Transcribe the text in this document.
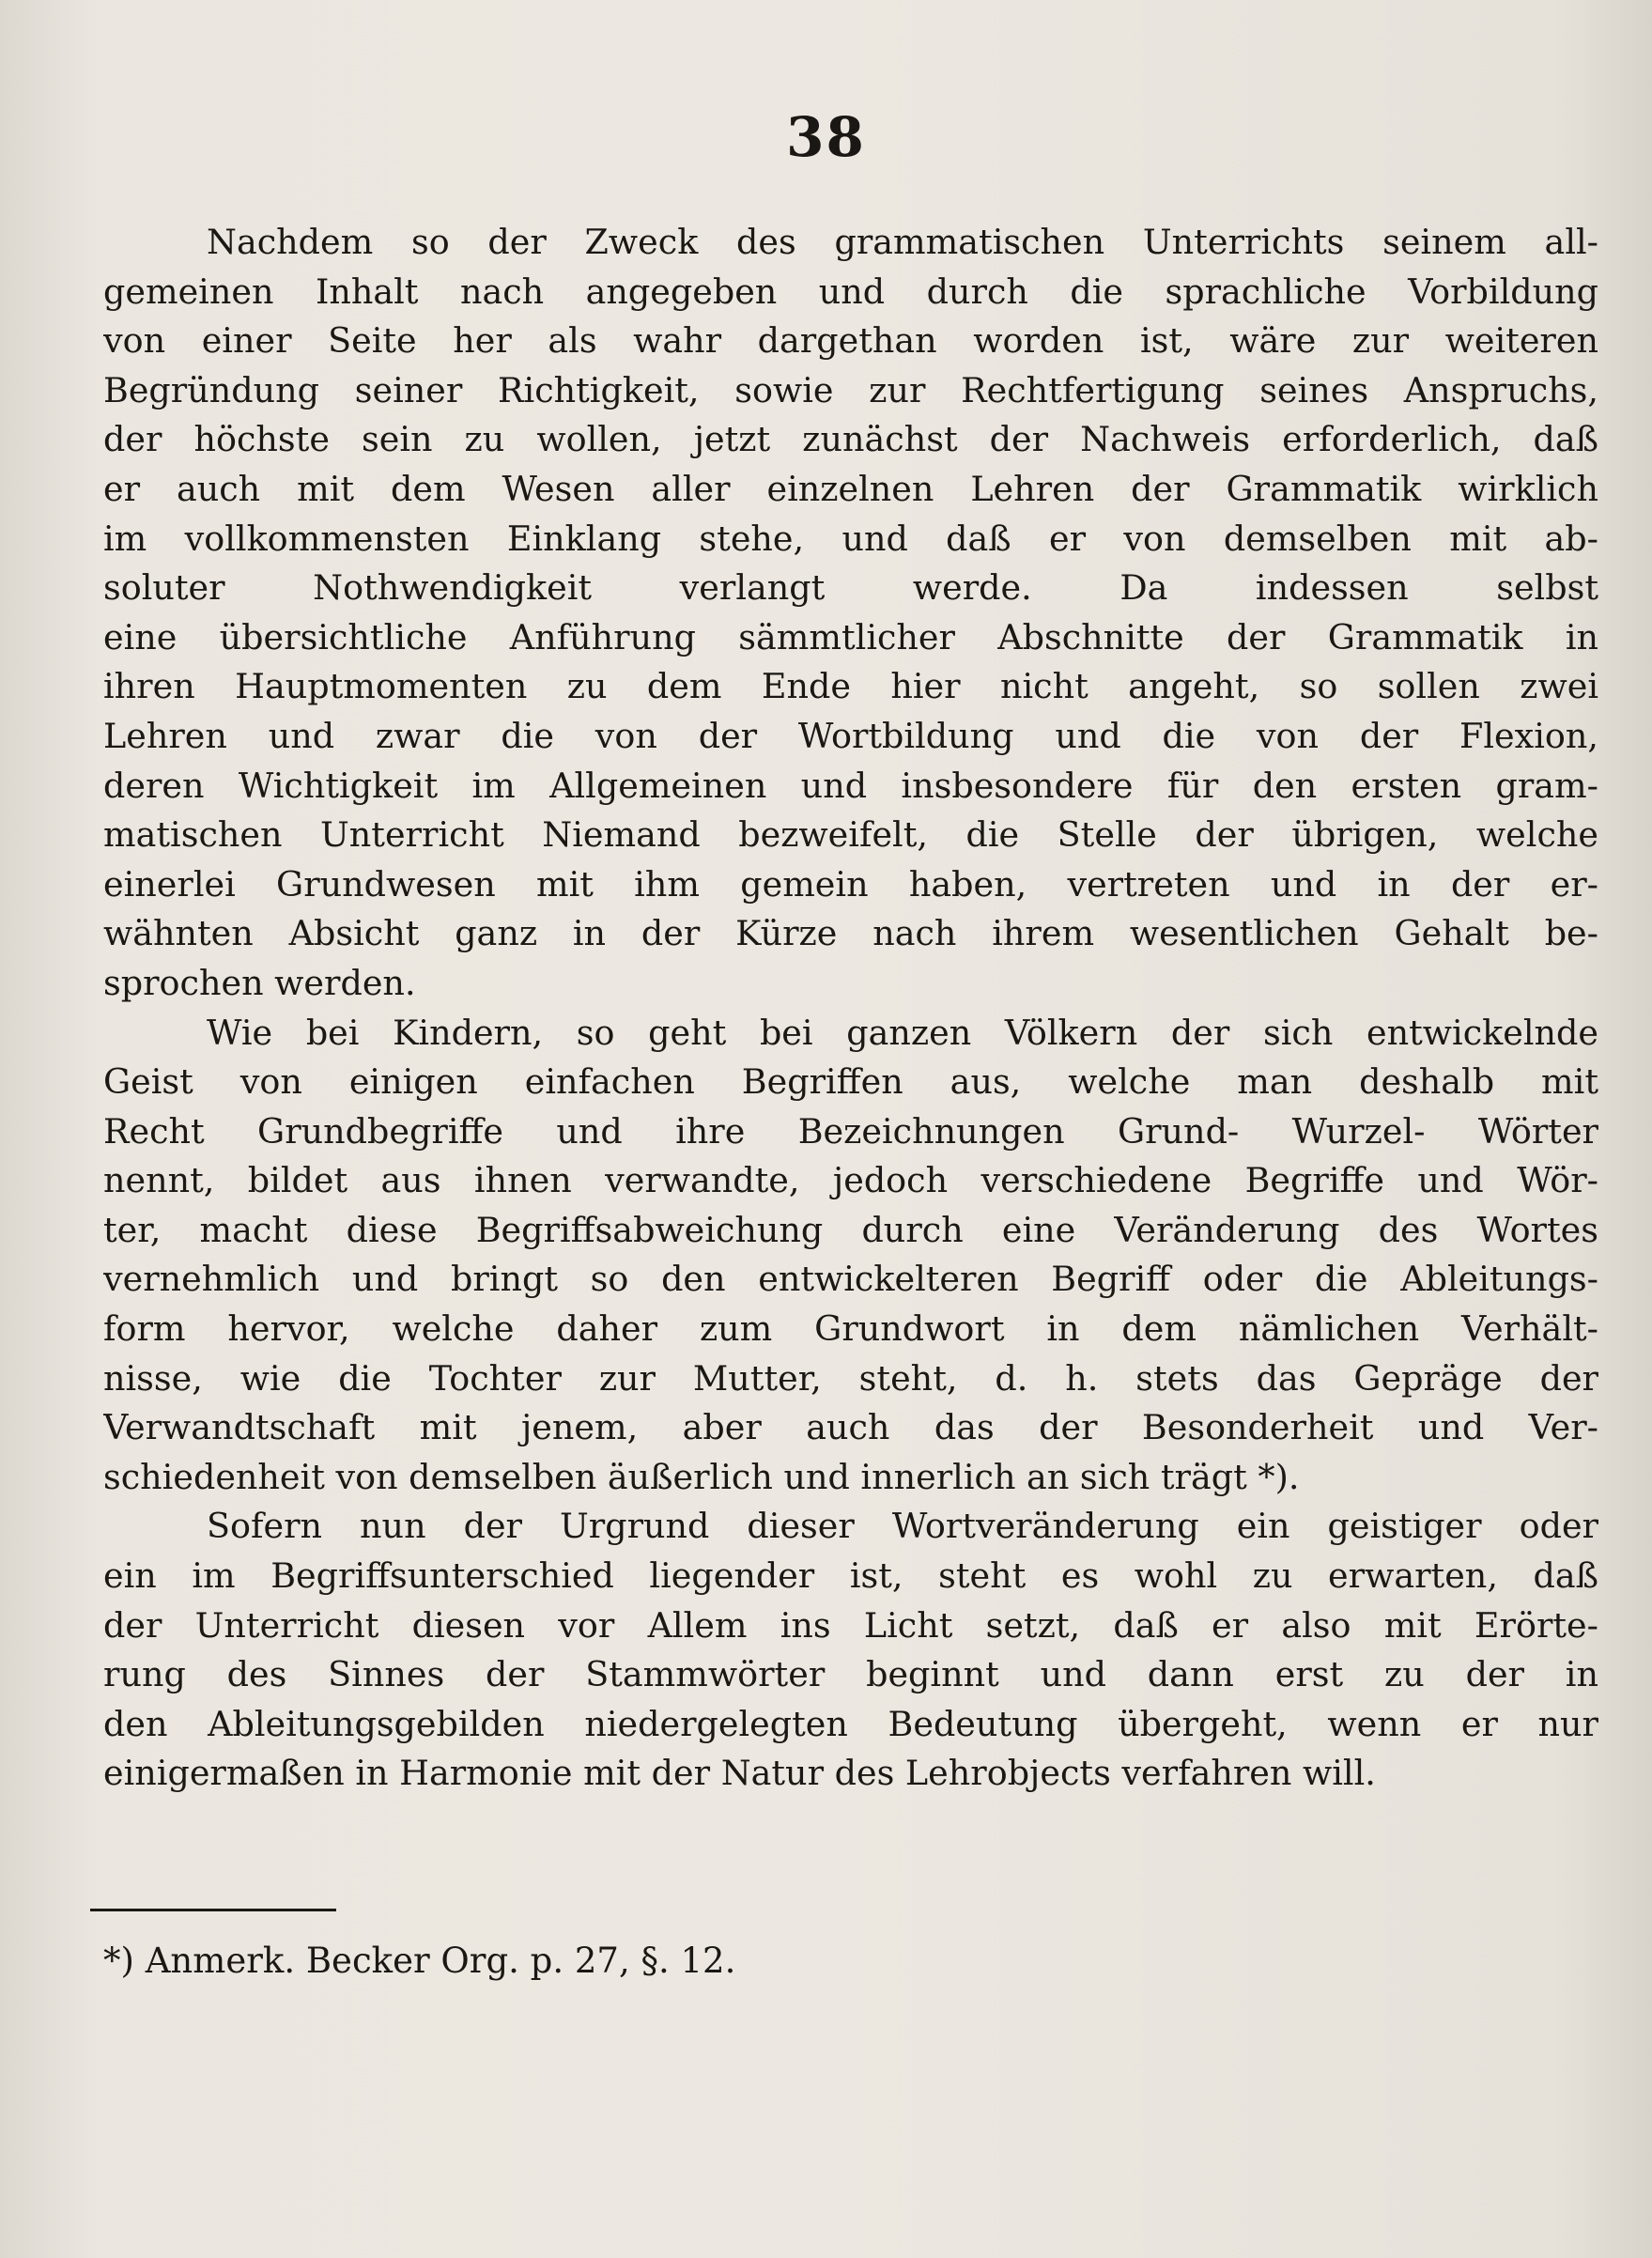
38
Nachdem so der Zweck des grammatischen Unterrichts seinem all-
gemeinen Inhalt nach angegeben und durch die sprachliche Vorbildung
von einer Seite her als wahr dargethan worden ist, wäre zur weiteren
Begründung seiner Richtigkeit, sowie zur Rechtfertigung seines Anspruchs,
der höchste sein zu wollen, jetzt zunächst der Nachweis erforderlich, daß
er auch mit dem Wesen aller einzelnen Lehren der Grammatik wirklich
im vollkommensten Einklang stehe, und daß er von demselben mit ab-
soluter Nothwendigkeit verlangt werde. Da indessen selbst
eine übersichtliche Anführung sämmtlicher Abschnitte der Grammatik in
ihren Hauptmomenten zu dem Ende hier nicht angeht, so sollen zwei
Lehren und zwar die von der Wortbildung und die von der Flexion,
deren Wichtigkeit im Allgemeinen und insbesondere für den ersten gram-
matischen Unterricht Niemand bezweifelt, die Stelle der übrigen, welche
einerlei Grundwesen mit ihm gemein haben, vertreten und in der er-
wähnten Absicht ganz in der Kürze nach ihrem wesentlichen Gehalt be-
sprochen werden.
Wie bei Kindern, so geht bei ganzen Völkern der sich entwickelnde
Geist von einigen einfachen Begriffen aus, welche man deshalb mit
Recht Grundbegriffe und ihre Bezeichnungen Grund- Wurzel- Wörter
nennt, bildet aus ihnen verwandte, jedoch verschiedene Begriffe und Wör-
ter, macht diese Begriffsabweichung durch eine Veränderung des Wortes
vernehmlich und bringt so den entwickelteren Begriff oder die Ableitungs-
form hervor, welche daher zum Grundwort in dem nämlichen Verhält-
nisse, wie die Tochter zur Mutter, steht, d. h. stets das Gepräge der
Verwandtschaft mit jenem, aber auch das der Besonderheit und Ver-
schiedenheit von demselben äußerlich und innerlich an sich trägt *).
Sofern nun der Urgrund dieser Wortveränderung ein geistiger oder
ein im Begriffsunterschied liegender ist, steht es wohl zu erwarten, daß
der Unterricht diesen vor Allem ins Licht setzt, daß er also mit Erörte-
rung des Sinnes der Stammwörter beginnt und dann erst zu der in
den Ableitungsgebilden niedergelegten Bedeutung übergeht, wenn er nur
einigermaßen in Harmonie mit der Natur des Lehrobjects verfahren will.
*) Anmerk. Becker Org. p. 27, §. 12.
